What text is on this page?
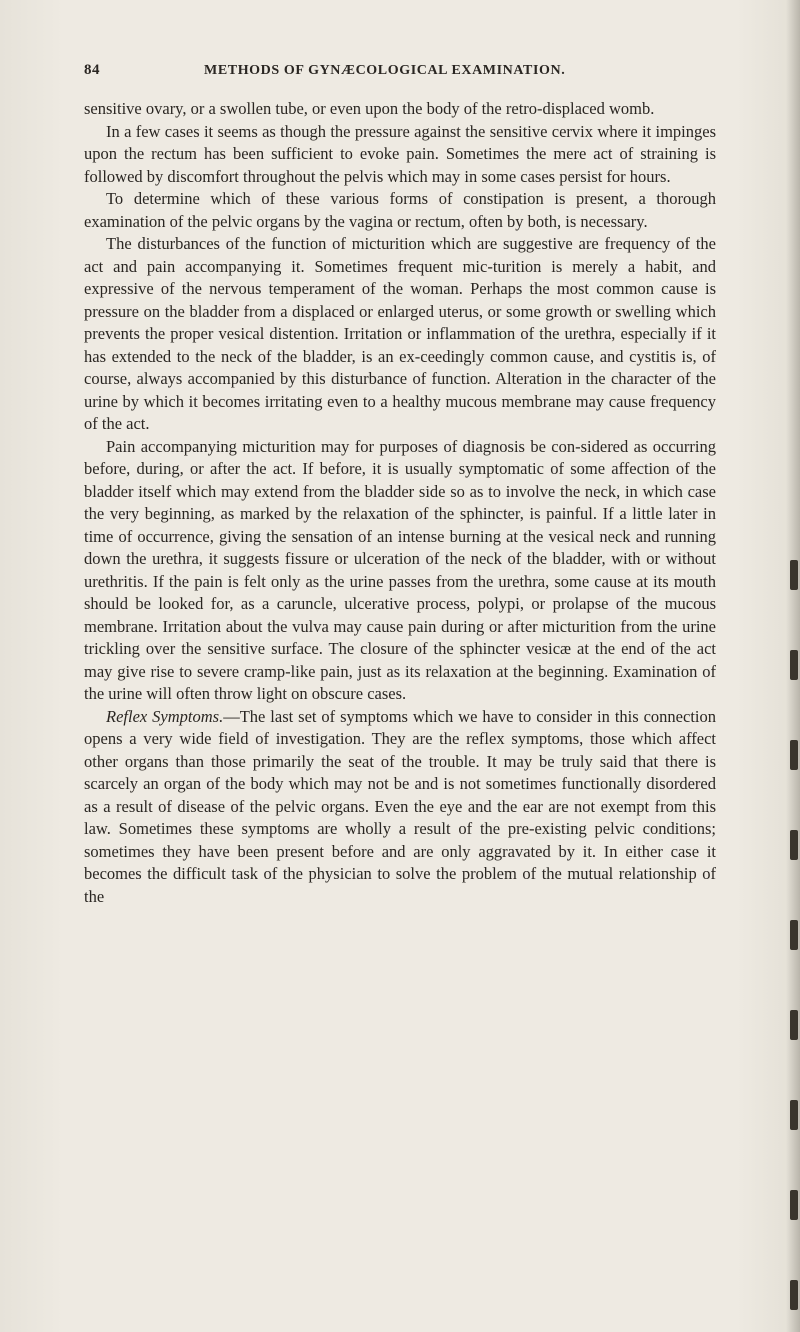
84	METHODS OF GYNÆCOLOGICAL EXAMINATION.

sensitive ovary, or a swollen tube, or even upon the body of the retro-displaced womb.

In a few cases it seems as though the pressure against the sensitive cervix where it impinges upon the rectum has been sufficient to evoke pain. Sometimes the mere act of straining is followed by discomfort throughout the pelvis which may in some cases persist for hours.

To determine which of these various forms of constipation is present, a thorough examination of the pelvic organs by the vagina or rectum, often by both, is necessary.

The disturbances of the function of micturition which are suggestive are frequency of the act and pain accompanying it. Sometimes frequent mic-turition is merely a habit, and expressive of the nervous temperament of the woman. Perhaps the most common cause is pressure on the bladder from a displaced or enlarged uterus, or some growth or swelling which prevents the proper vesical distention. Irritation or inflammation of the urethra, especially if it has extended to the neck of the bladder, is an ex-ceedingly common cause, and cystitis is, of course, always accompanied by this disturbance of function. Alteration in the character of the urine by which it becomes irritating even to a healthy mucous membrane may cause frequency of the act.

Pain accompanying micturition may for purposes of diagnosis be con-sidered as occurring before, during, or after the act. If before, it is usually symptomatic of some affection of the bladder itself which may extend from the bladder side so as to involve the neck, in which case the very beginning, as marked by the relaxation of the sphincter, is painful. If a little later in time of occurrence, giving the sensation of an intense burning at the vesical neck and running down the urethra, it suggests fissure or ulceration of the neck of the bladder, with or without urethritis. If the pain is felt only as the urine passes from the urethra, some cause at its mouth should be looked for, as a caruncle, ulcerative process, polypi, or prolapse of the mucous membrane. Irritation about the vulva may cause pain during or after micturition from the urine trickling over the sensitive surface. The closure of the sphincter vesicæ at the end of the act may give rise to severe cramp-like pain, just as its relaxation at the beginning. Examination of the urine will often throw light on obscure cases.

Reflex Symptoms.—The last set of symptoms which we have to consider in this connection opens a very wide field of investigation. They are the reflex symptoms, those which affect other organs than those primarily the seat of the trouble. It may be truly said that there is scarcely an organ of the body which may not be and is not sometimes functionally disordered as a result of disease of the pelvic organs. Even the eye and the ear are not exempt from this law. Sometimes these symptoms are wholly a result of the pre-existing pelvic conditions; sometimes they have been present before and are only aggravated by it. In either case it becomes the difficult task of the physician to solve the problem of the mutual relationship of the
